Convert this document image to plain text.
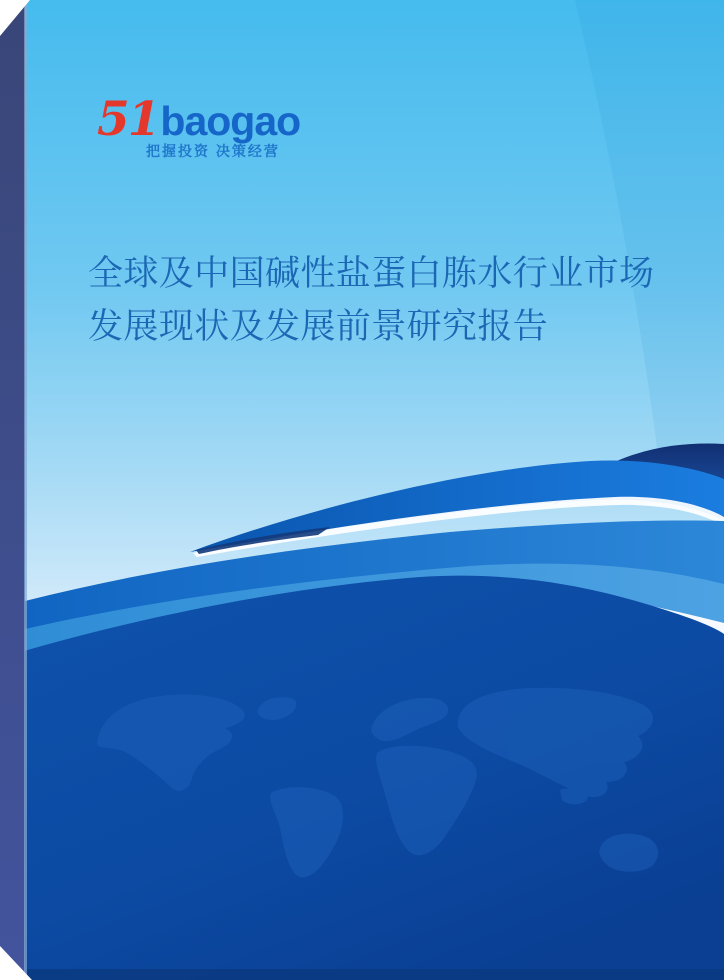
51baogao
把握投资 决策经营
全球及中国碱性盐蛋白胨水行业市场
发展现状及发展前景研究报告
